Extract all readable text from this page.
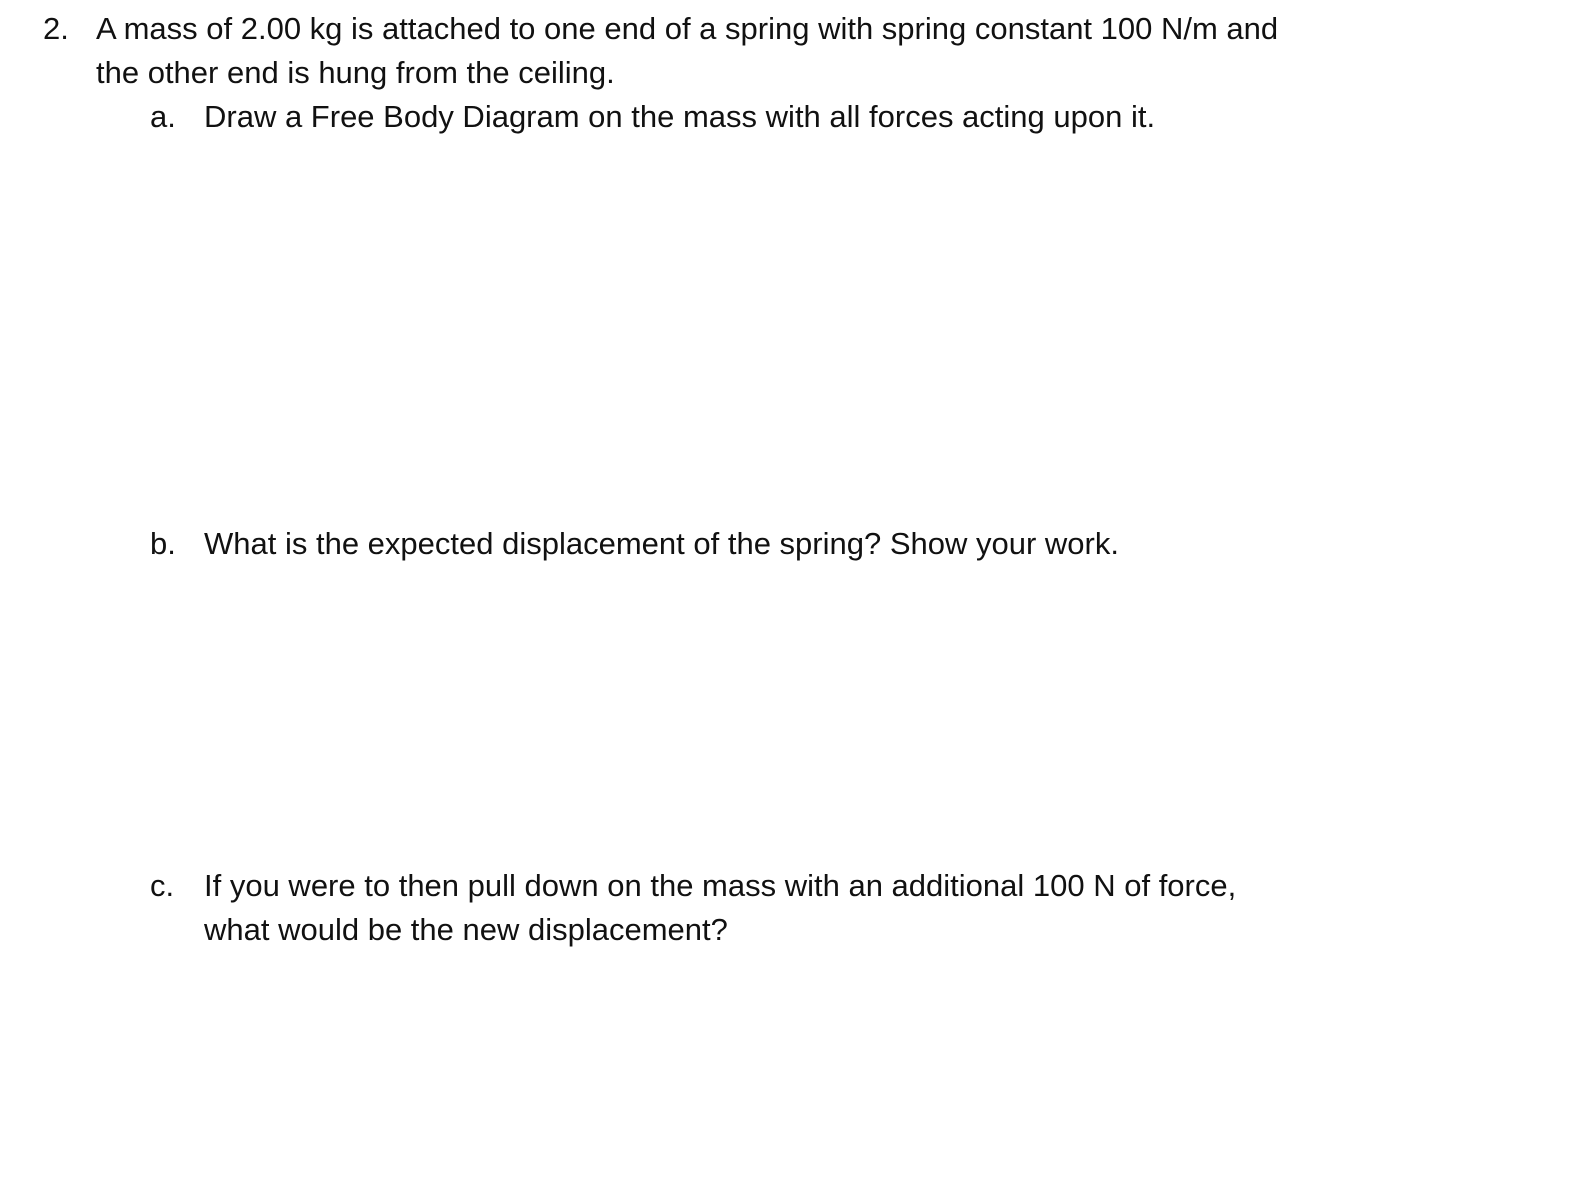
2. A mass of 2.00 kg is attached to one end of a spring with spring constant 100 N/m and
the other end is hung from the ceiling.
a. Draw a Free Body Diagram on the mass with all forces acting upon it.
b. What is the expected displacement of the spring? Show your work.
c. If you were to then pull down on the mass with an additional 100 N of force,
what would be the new displacement?
